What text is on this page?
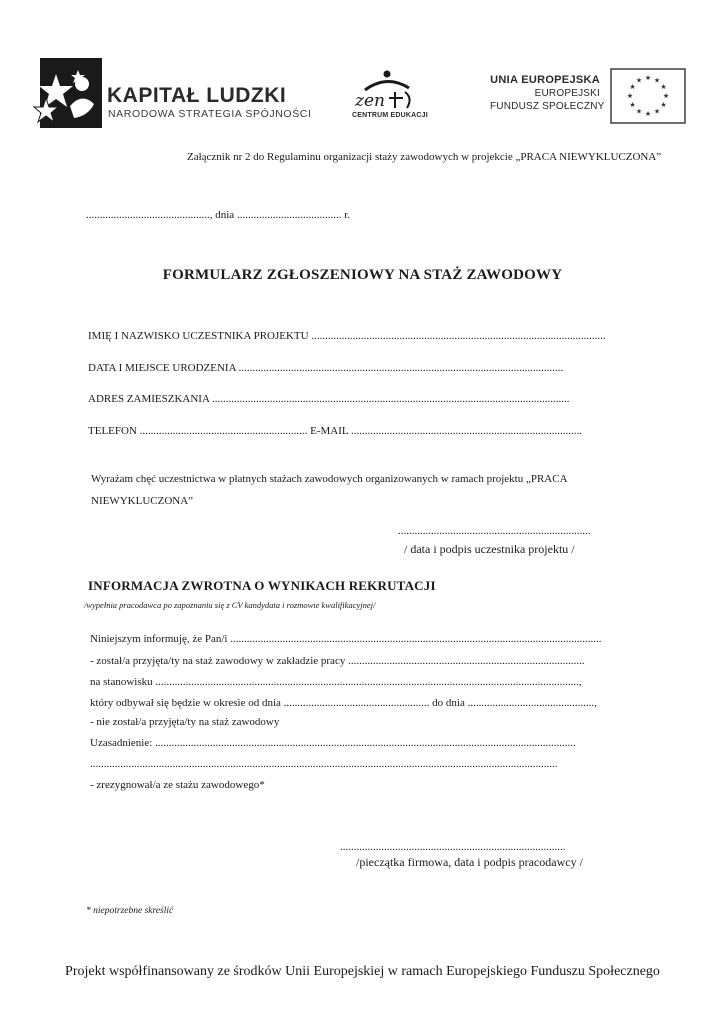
KAPITAŁ LUDZKI
NARODOWA STRATEGIA SPÓJNOŚCI
zen
CENTRUM EDUKACJI
UNIA EUROPEJSKA
EUROPEJSKI
FUNDUSZ SPOŁECZNY
★ ★
★
★
★
★
★
★
★
★
★
★
Załącznik nr 2 do Regulaminu organizacji staży zawodowych w projekcie „PRACA NIEWYKLUCZONA”
............................................., dnia ...................................... r.
FORMULARZ ZGŁOSZENIOWY NA STAŻ ZAWODOWY
IMIĘ I NAZWISKO UCZESTNIKA PROJEKTU ...........................................................................................................
DATA I MIEJSCE URODZENIA ......................................................................................................................
ADRES ZAMIESZKANIA ..................................................................................................................................
TELEFON ............................................................. E-MAIL ....................................................................................
Wyrażam chęć uczestnictwa w płatnych stażach zawodowych organizowanych w ramach projektu „PRACA NIEWYKLUCZONA”
......................................................................
/ data i podpis uczestnika projektu /
INFORMACJA ZWROTNA O WYNIKACH REKRUTACJI
/wypełnia pracodawca po zapoznaniu się z CV kandydata i rozmowie kwalifikacyjnej/
Niniejszym informuję, że Pan/i .......................................................................................................................................
- został/a przyjęta/ty na staż zawodowy w zakładzie pracy ......................................................................................
na stanowisku ..........................................................................................................................................................,
który odbywał się będzie w okresie od dnia ..................................................... do dnia ..............................................,
- nie został/a przyjęta/ty na staż zawodowy
Uzasadnienie: .........................................................................................................................................................
..........................................................................................................................................................................
- zrezygnował/a ze stażu zawodowego*
..................................................................................
/pieczątka firmowa, data i podpis pracodawcy /
* niepotrzebne skreślić
Projekt współfinansowany ze środków Unii Europejskiej w ramach Europejskiego Funduszu Społecznego
